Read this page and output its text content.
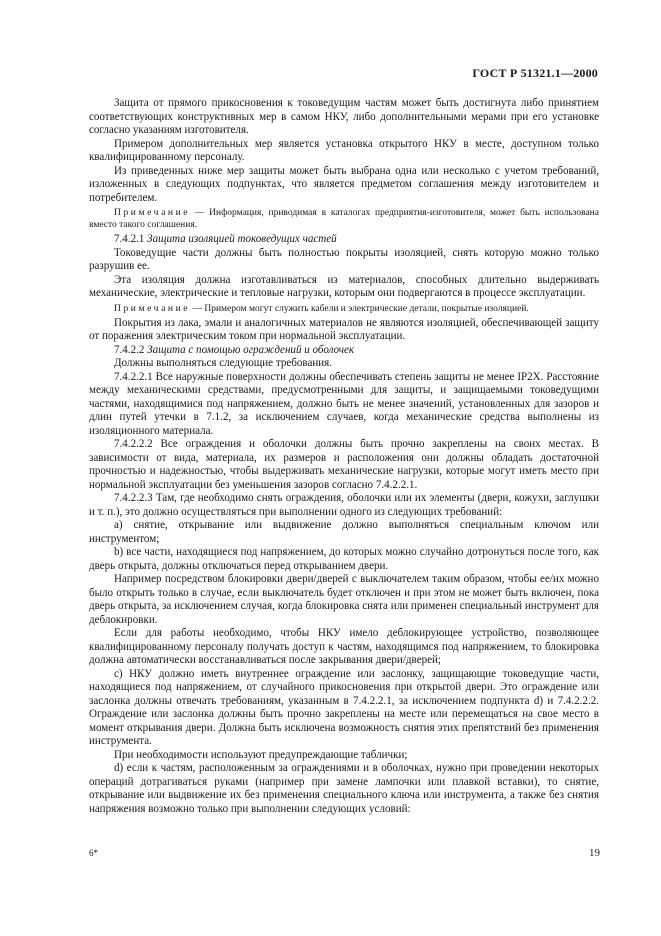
ГОСТ Р 51321.1—2000

Защита от прямого прикосновения к токоведущим частям может быть достигнута либо принятием соответствующих конструктивных мер в самом НКУ, либо дополнительными мерами при его установке согласно указаниям изготовителя.

Примером дополнительных мер является установка открытого НКУ в месте, доступном только квалифицированному персоналу.

Из приведенных ниже мер защиты может быть выбрана одна или несколько с учетом требований, изложенных в следующих подпунктах, что является предметом соглашения между изготовителем и потребителем.

Примечание — Информация, приводимая в каталогах предприятия-изготовителя, может быть использована вместо такого соглашения.

7.4.2.1 Защита изоляцией токоведущих частей

Токоведущие части должны быть полностью покрыты изоляцией, снять которую можно только разрушив ее.

Эта изоляция должна изготавливаться из материалов, способных длительно выдерживать механические, электрические и тепловые нагрузки, которым они подвергаются в процессе эксплуатации.

Примечание — Примером могут служить кабели и электрические детали, покрытые изоляцией.

Покрытия из лака, эмали и аналогичных материалов не являются изоляцией, обеспечивающей защиту от поражения электрическим током при нормальной эксплуатации.

7.4.2.2 Защита с помощью ограждений и оболочек

Должны выполняться следующие требования.

7.4.2.2.1 Все наружные поверхности должны обеспечивать степень защиты не менее IP2X. Расстояние между механическими средствами, предусмотренными для защиты, и защищаемыми токоведущими частями, находящимися под напряжением, должно быть не менее значений, установленных для зазоров и длин путей утечки в 7.1.2, за исключением случаев, когда механические средства выполнены из изоляционного материала.

7.4.2.2.2 Все ограждения и оболочки должны быть прочно закреплены на своих местах. В зависимости от вида, материала, их размеров и расположения они должны обладать достаточной прочностью и надежностью, чтобы выдерживать механические нагрузки, которые могут иметь место при нормальной эксплуатации без уменьшения зазоров согласно 7.4.2.2.1.

7.4.2.2.3 Там, где необходимо снять ограждения, оболочки или их элементы (двери, кожухи, заглушки и т. п.), это должно осуществляться при выполнении одного из следующих требований:

а) снятие, открывание или выдвижение должно выполняться специальным ключом или инструментом;

b) все части, находящиеся под напряжением, до которых можно случайно дотронуться после того, как дверь открыта, должны отключаться перед открыванием двери.

Например посредством блокировки двери/дверей с выключателем таким образом, чтобы ее/их можно было открыть только в случае, если выключатель будет отключен и при этом не может быть включен, пока дверь открыта, за исключением случая, когда блокировка снята или применен специальный инструмент для деблокировки.

Если для работы необходимо, чтобы НКУ имело деблокирующее устройство, позволяющее квалифицированному персоналу получать доступ к частям, находящимся под напряжением, то блокировка должна автоматически восстанавливаться после закрывания двери/дверей;

с) НКУ должно иметь внутреннее ограждение или заслонку, защищающие токоведущие части, находящиеся под напряжением, от случайного прикосновения при открытой двери. Это ограждение или заслонка должны отвечать требованиям, указанным в 7.4.2.2.1, за исключением подпункта d) и 7.4.2.2.2. Ограждение или заслонка должны быть прочно закреплены на месте или перемещаться на свое место в момент открывания двери. Должна быть исключена возможность снятия этих препятствий без применения инструмента.

При необходимости используют предупреждающие таблички;

d) если к частям, расположенным за ограждениями и в оболочках, нужно при проведении некоторых операций дотрагиваться руками (например при замене лампочки или плавкой вставки), то снятие, открывание или выдвижение их без применения специального ключа или инструмента, а также без снятия напряжения возможно только при выполнении следующих условий:

6*	19
